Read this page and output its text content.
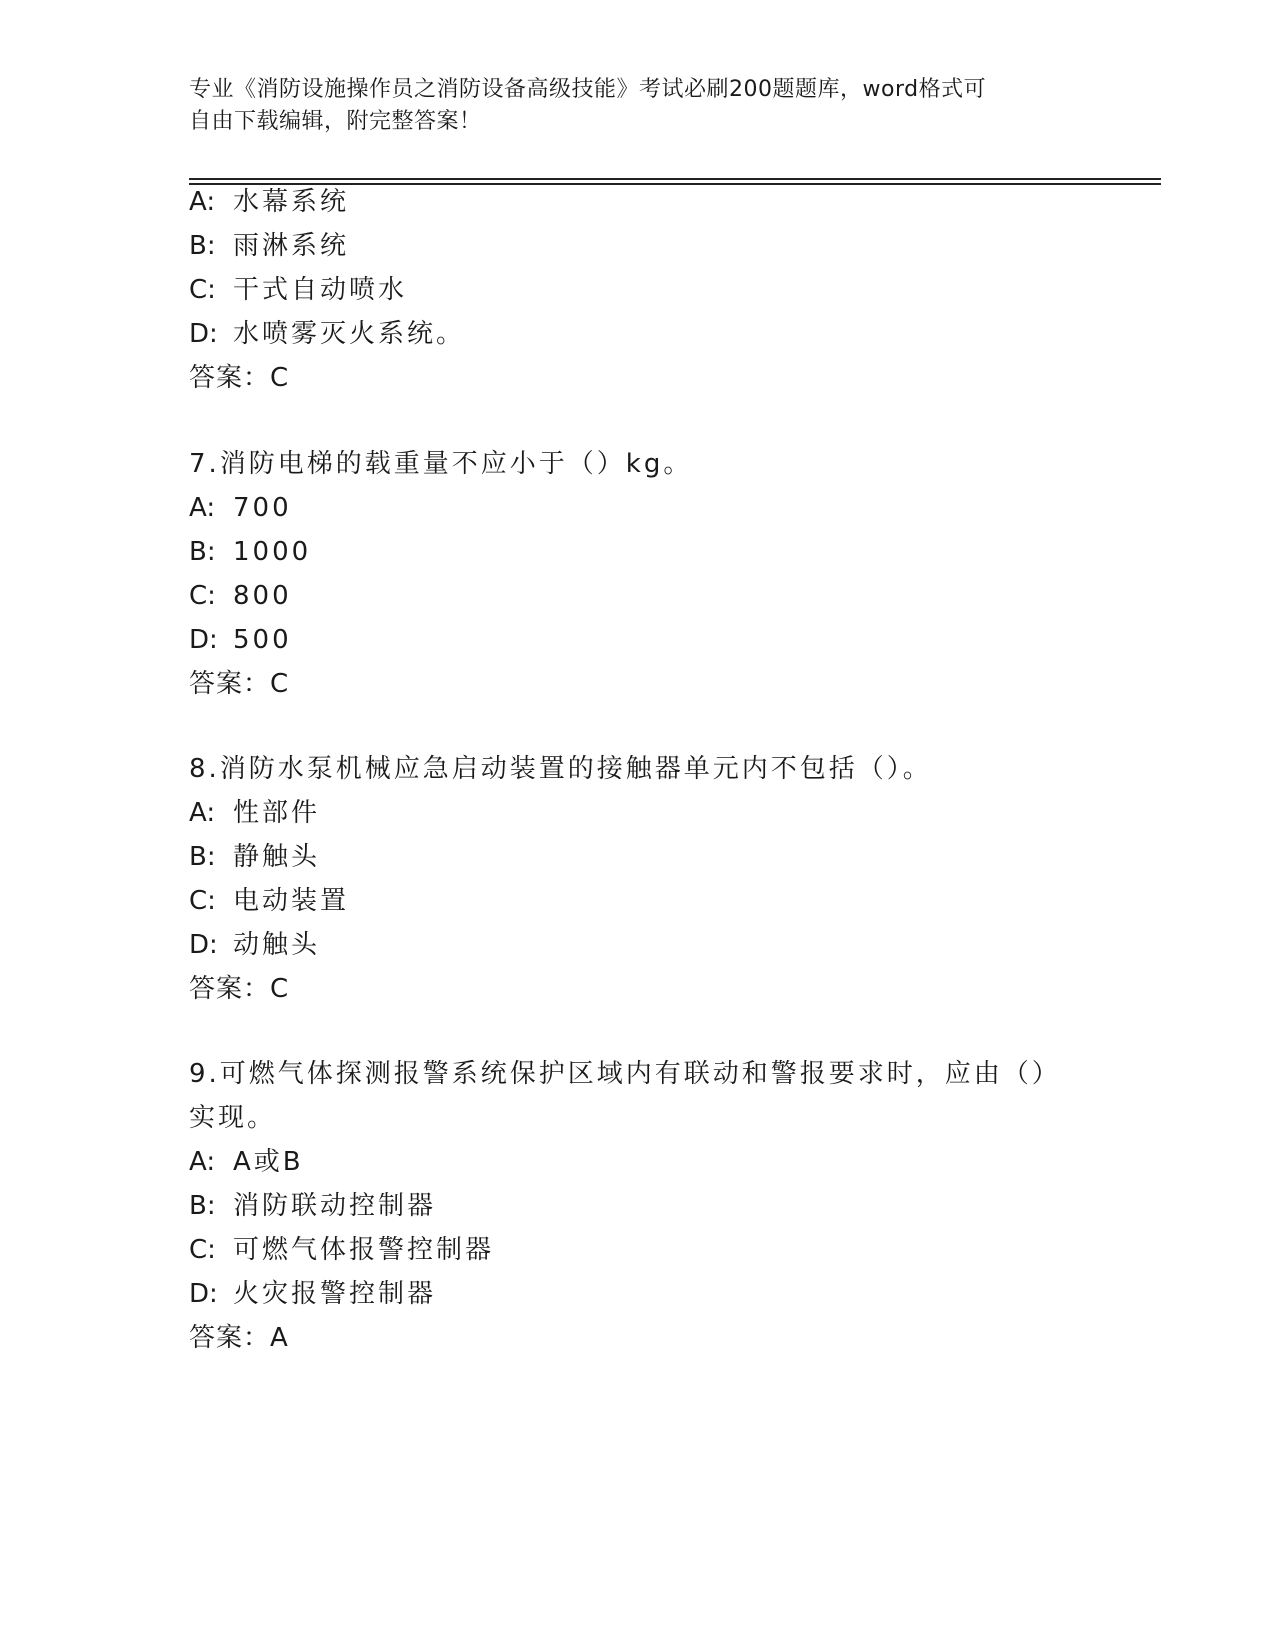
专业《消防设施操作员之消防设备高级技能》考试必刷200题题库，word格式可
自由下载编辑，附完整答案！
A: 水幕系统
B: 雨淋系统
C: 干式自动喷水
D: 水喷雾灭火系统。
答案：C
7.消防电梯的载重量不应小于（）kg。
A: 700
B: 1000
C: 800
D: 500
答案：C
8.消防水泵机械应急启动装置的接触器单元内不包括（）。
A: 性部件
B: 静触头
C: 电动装置
D: 动触头
答案：C
9.可燃气体探测报警系统保护区域内有联动和警报要求时，应由（）
实现。
A: A或B
B: 消防联动控制器
C: 可燃气体报警控制器
D: 火灾报警控制器
答案：A
